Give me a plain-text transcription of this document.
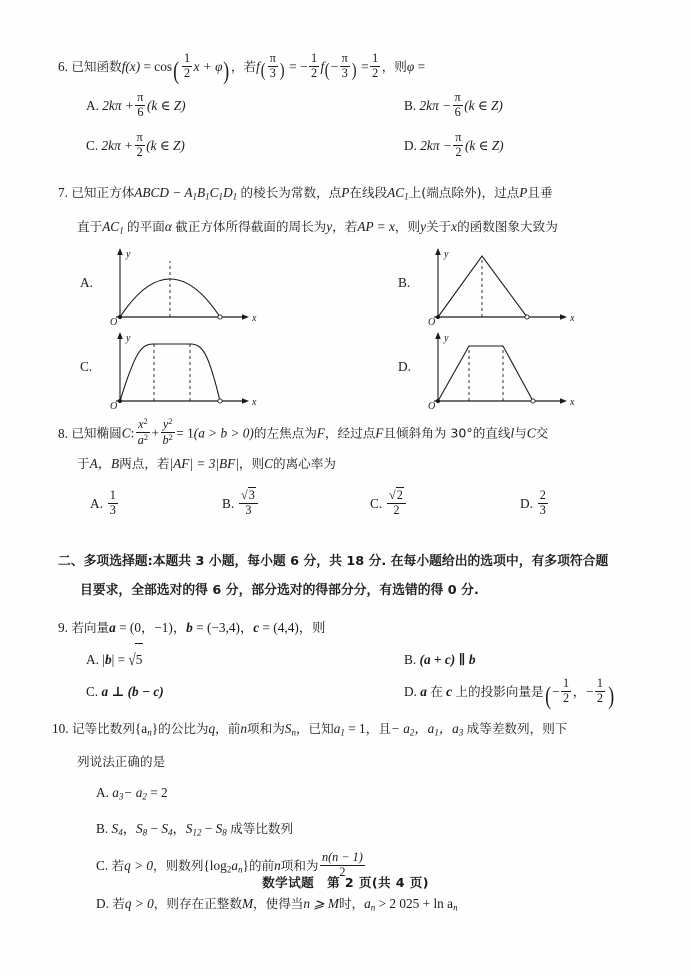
6. 已知函数$f(x) = \cos( \frac{1}{2}$ x + φ)，若$f( \frac{\pi}{3}$ ) = − $\frac{1}{2} f(- \frac{\pi}{3}$ ) = $\frac{1}{2}$ ，则φ =
A. $2k\pi + \frac{\pi}{6} (k$ ∈ Z)	B. $2k\pi - \frac{\pi}{6} (k$ ∈ Z)
C. $2k\pi + \frac{\pi}{2} (k$ ∈ Z)	D. $2k\pi - \frac{\pi}{2} (k$ ∈ Z)
7. 已知正方体ABCD − $A_1B_1C_1D_1$ 的棱长为常数，点P在线段$AC_1$上(端点除外)，过点P且垂
直于$AC_1$ 的平面α 截正方体所得截面的周长为y，若AP = x，则y关于x的函数图象大致为
A.
O
y
x
B.
O
y
x
C.
O
y
x
D.
O
y
x
8. 已知椭圆C: $\frac{x^2}{a^2} + \frac{y^2}{b^2} = 1(a > b > 0)$的左焦点为F，经过点F且倾斜角为 30°的直线l与C交
于A，B两点，若|AF| = 3|BF|，则C的离心率为
A. $\frac{1}{3}$	B. $\frac{√3}{3}$	C. $\frac{√2}{2}$	D. $\frac{2}{3}$
二、多项选择题:本题共 3 小题，每小题 6 分，共 18 分. 在每小题给出的选项中，有多项符合题
目要求，全部选对的得 6 分，部分选对的得部分分，有选错的得 0 分.
9. 若向量a = (0，−1)，b = (−3,4)，c = (4,4)，则
A. |b| = √5	B. (a + c) ∥ b
C. a ⊥ (b − c)	D. a 在 c 上的投影向量是(− $\frac{1}{2}$ ，− $\frac{1}{2}$ )
10. 记等比数列$\{a_n\}$的公比为q，前n项和为$S_n$，已知$a_1 = 1$，且− $a_2$，$a_1$，$a_3$ 成等差数列，则下
列说法正确的是
A. $a_3- a_2 = 2$
B. $S_4$，$S_8 - S_4$，$S_{12} - S_8$ 成等比数列
C. 若q > 0，则数列$\{\log_2a_n\}$的前n项和为 $\frac{n(n - 1)}{2}$
D. 若q > 0，则存在正整数M，使得当n ⩾ M时，$a_n > 2$ $025 + \ln a_n$
数学试题　第 2 页(共 4 页)
